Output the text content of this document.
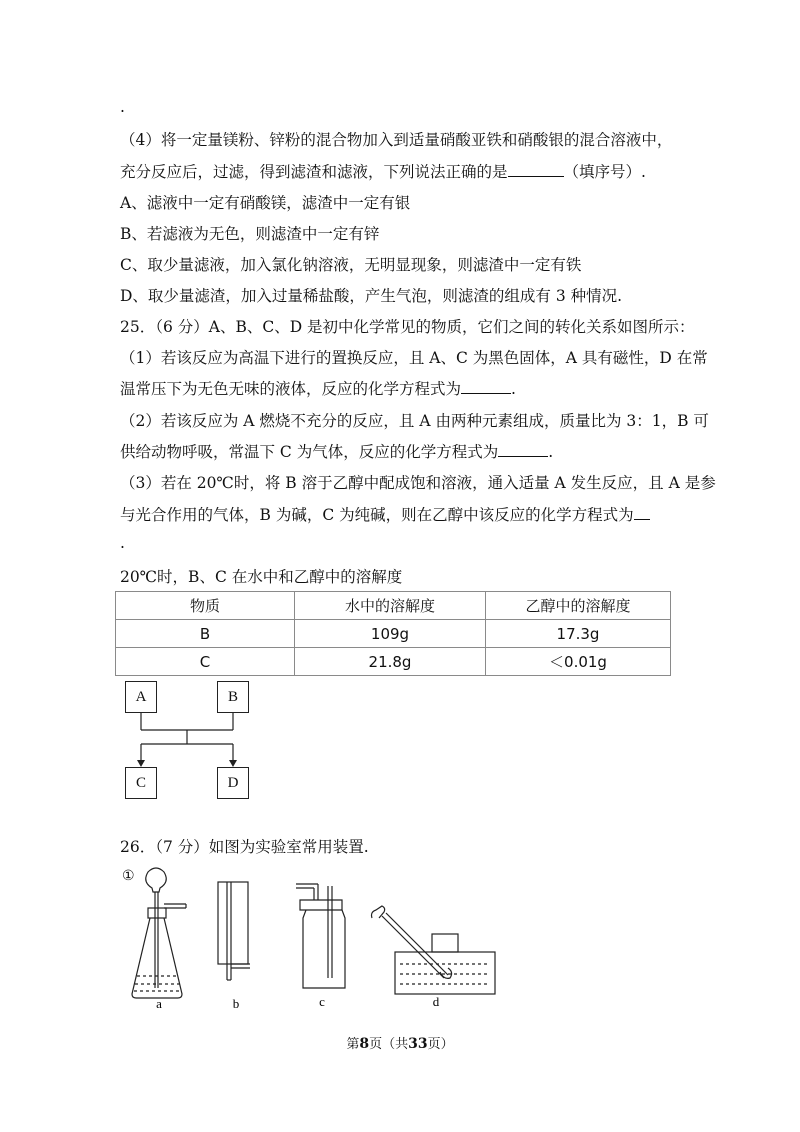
.
（4）将一定量镁粉、锌粉的混合物加入到适量硝酸亚铁和硝酸银的混合溶液中，
充分反应后，过滤，得到滤渣和滤液，下列说法正确的是	（填序号）.
A、滤液中一定有硝酸镁，滤渣中一定有银
B、若滤液为无色，则滤渣中一定有锌
C、取少量滤液，加入氯化钠溶液，无明显现象，则滤渣中一定有铁
D、取少量滤渣，加入过量稀盐酸，产生气泡，则滤渣的组成有 3 种情况.
25．（6 分）A、B、C、D 是初中化学常见的物质，它们之间的转化关系如图所示：
（1）若该反应为高温下进行的置换反应，且 A、C 为黑色固体，A 具有磁性，D 在常
温常压下为无色无味的液体，反应的化学方程式为	.
（2）若该反应为 A 燃烧不充分的反应，且 A 由两种元素组成，质量比为 3：1，B 可
供给动物呼吸，常温下 C 为气体，反应的化学方程式为	.
（3）若在 20℃时，将 B 溶于乙醇中配成饱和溶液，通入适量 A 发生反应，且 A 是参
与光合作用的气体，B 为碱，C 为纯碱，则在乙醇中该反应的化学方程式为
.
20℃时，B、C 在水中和乙醇中的溶解度
物质	水中的溶解度	乙醇中的溶解度
B	109g	17.3g
C	21.8g	＜0.01g
A	B
C	D
26．（7 分）如图为实验室常用装置.
①
a	b	c	d
第8页（共33页）
